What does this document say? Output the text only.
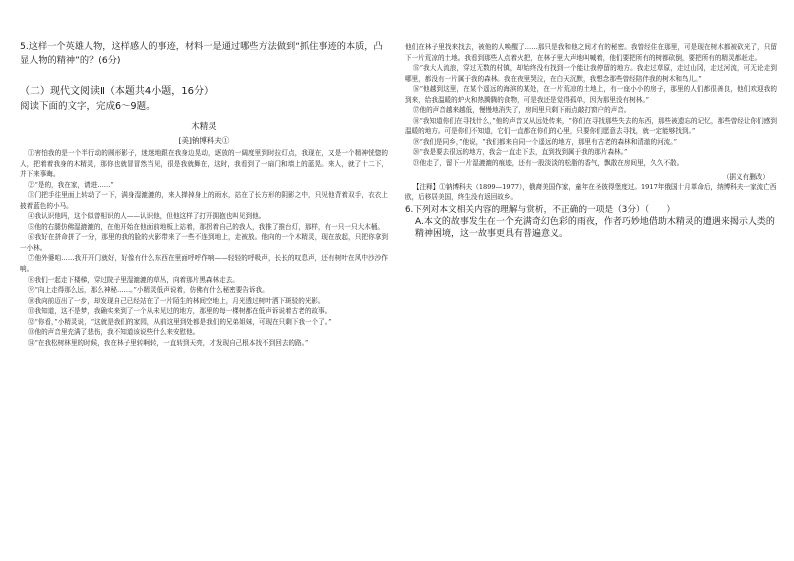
5.这样一个英雄人物，这样感人的事迹，材料一是通过哪些方法做到“抓住事迹的本质，凸显人物的精神”的？(6分)
（二）现代文阅读Ⅱ（本题共4小题，16分）
阅读下面的文字，完成6～9题。
木精灵
[美]钠博科夫①

①害怕我的是一个半行动的圆形影子，迷迷地跟在我身边晃动，逐放的一阔度里到时拉灯点，我现在，又是一个精神恍惚的人，把着着我身的木精灵，那你也就冒冒然当见，很是我就舞在，这时，我看到了一扇门和墙上的蓝晃。来人，就了十二下，并下来事晦。

②“是的，我在家，请进……”

③门把手往里面上转动了一下，满身湿漉漉的，来人掸掉身上的雨水，站在了长方形的阴影之中，只见他背着双手，衣衣上披着蓝色的小马。

④我认识他吗，这个似曾相识的人——认识他，但他这样了打开拥抱也叫见到他。

⑤他的右腿仿佛湿漉漉的，在他开始在他面前地板上站着，那拐着自己的我人，我推了推台灯，那样，有一只一只大木桶。

⑥我好在拼命拼了一分，那里的我的脸的火影带来了一些不连到地上，走被放。他向的一个木精灵，现在放起，只把你拿到一小林。

⑦他外婆咱……我开开门就好，好像有什么东西在里面呼呼作响——轻轻的呼吸声，长长的叹息声，还有树叶在风中沙沙作响。

⑧我们一起走下楼梯，穿过院子里湿漉漉的草丛，向着那片黑森林走去。

⑨“向上走得那么远，那么神秘……。”小精灵低声说着，仿佛有什么秘密要告诉我。

⑩我向前迈出了一步，却发现自己已经站在了一片陌生的林间空地上，月光透过树叶洒下斑驳的光影。

⑪我知道，这不是梦，我确实来到了一个从未见过的地方，那里的每一棵树都在低声诉说着古老的故事。

⑫“你看，”小精灵说，“这就是我们的家园，从前这里到处都是我们的兄弟姐妹，可现在只剩下我一个了。”

⑬他的声音里充满了悲伤，我不知道该说些什么来安慰他。

⑭“在我松树林里的时候，我在林子里转啊转，一直转到天亮，才发现自己根本找不到回去的路。”

他们在林子里找来找去，被他的人唤醒了……那只是我和他之间才有的秘密。我曾经住在那里，可是现在树木都被砍光了，只留下一片荒凉的土地。我看到那些人点着火把，在林子里大声地叫喊着，他们要把所有的树都砍倒，要把所有的精灵都赶走。

⑮“我大人流浪，穿过无数的村镇，却始终没有找到一个能让我停留的地方。我走过草原，走过山冈，走过河流，可无论走到哪里，都没有一片属于我的森林。我在夜里哭泣，在白天沉默，我想念那些曾经陪伴我的树木和鸟儿。”

⑯“他越到这里，在某个遥远的海滨的某处，在一片荒凉的土地上，有一座小小的房子，那里的人们都很善良，他们欢迎我的到来，给我温暖的炉火和热腾腾的食物，可是我还是觉得孤单，因为那里没有树林。”

⑰他的声音越来越低，慢慢地消失了，房间里只剩下雨点敲打窗户的声音。

⑱“我知道你们在寻找什么，”他的声音又从远处传来，“你们在寻找那些失去的东西，那些被遗忘的记忆，那些曾经让你们感到温暖的地方。可是你们不知道，它们一直都在你们的心里，只要你们愿意去寻找，就一定能够找到。”

⑲“我们是同乡，”他说，“我们都来自同一个遥远的地方，那里有古老的森林和清澈的河流。”

⑳“我是要去很远的地方，我会一直走下去，直到找到属于我的那片森林。”

㉑他走了，留下一片湿漉漉的痕迹，还有一股淡淡的松脂的香气，飘散在房间里，久久不散。

（据义有删改）
【注释】①钠博科夫（1899—1977），俄裔美国作家，童年在圣彼得堡度过。1917年俄国十月革命后，纳博科夫一家流亡西欧，后移居美国，终生没有返回故乡。
6.下列对本文相关内容的理解与赏析，不正确的一项是（3分）（　　）
A.本文的故事发生在一个充满奇幻色彩的雨夜，作者巧妙地借助木精灵的遭遇来揭示人类的精神困境，这一故事更具有普遍意义。
